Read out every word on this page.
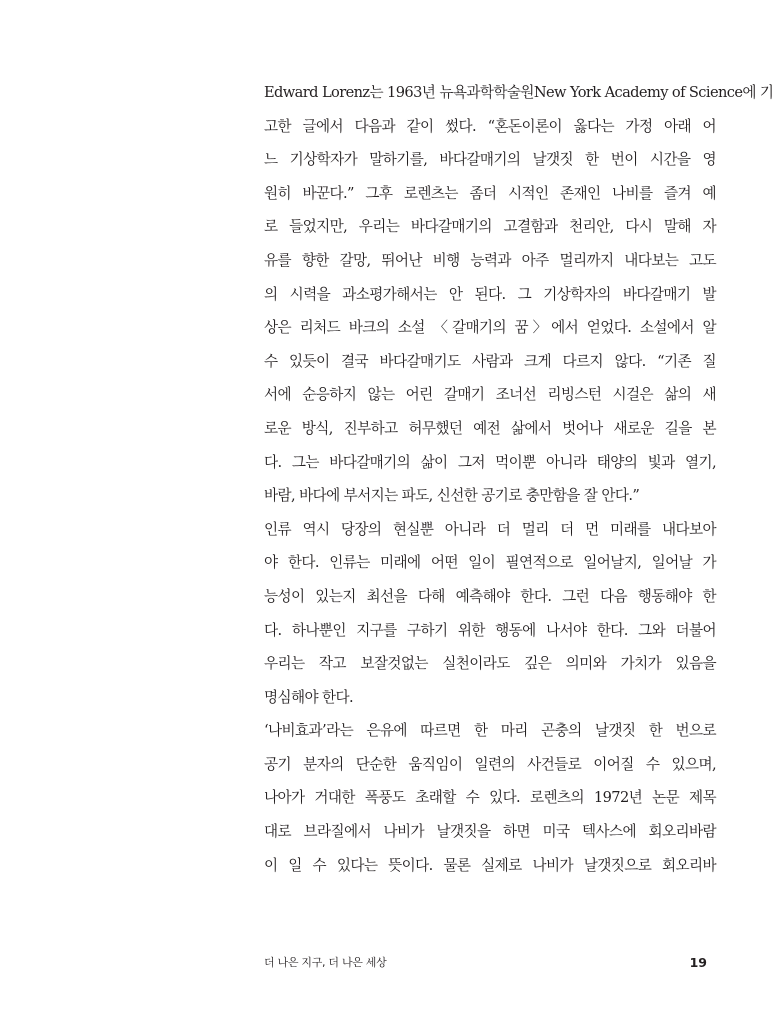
Edward Lorenz는 1963년 뉴욕과학학술원New York Academy of Science에 기
고한 글에서 다음과 같이 썼다. “혼돈이론이 옳다는 가정 아래 어
느 기상학자가 말하기를, 바다갈매기의 날갯짓 한 번이 시간을 영
원히 바꾼다.” 그후 로렌츠는 좀더 시적인 존재인 나비를 즐겨 예
로 들었지만, 우리는 바다갈매기의 고결함과 천리안, 다시 말해 자
유를 향한 갈망, 뛰어난 비행 능력과 아주 멀리까지 내다보는 고도
의 시력을 과소평가해서는 안 된다. 그 기상학자의 바다갈매기 발
상은 리처드 바크의 소설 〈갈매기의 꿈〉에서 얻었다. 소설에서 알
수 있듯이 결국 바다갈매기도 사람과 크게 다르지 않다. “기존 질
서에 순응하지 않는 어린 갈매기 조너선 리빙스턴 시걸은 삶의 새
로운 방식, 진부하고 허무했던 예전 삶에서 벗어나 새로운 길을 본
다. 그는 바다갈매기의 삶이 그저 먹이뿐 아니라 태양의 빛과 열기,
바람, 바다에 부서지는 파도, 신선한 공기로 충만함을 잘 안다.”
인류 역시 당장의 현실뿐 아니라 더 멀리 더 먼 미래를 내다보아
야 한다. 인류는 미래에 어떤 일이 필연적으로 일어날지, 일어날 가
능성이 있는지 최선을 다해 예측해야 한다. 그런 다음 행동해야 한
다. 하나뿐인 지구를 구하기 위한 행동에 나서야 한다. 그와 더불어
우리는 작고 보잘것없는 실천이라도 깊은 의미와 가치가 있음을
명심해야 한다.
‘나비효과’라는 은유에 따르면 한 마리 곤충의 날갯짓 한 번으로
공기 분자의 단순한 움직임이 일련의 사건들로 이어질 수 있으며,
나아가 거대한 폭풍도 초래할 수 있다. 로렌츠의 1972년 논문 제목
대로 브라질에서 나비가 날갯짓을 하면 미국 텍사스에 회오리바람
이 일 수 있다는 뜻이다. 물론 실제로 나비가 날갯짓으로 회오리바
더 나은 지구, 더 나은 세상	19
